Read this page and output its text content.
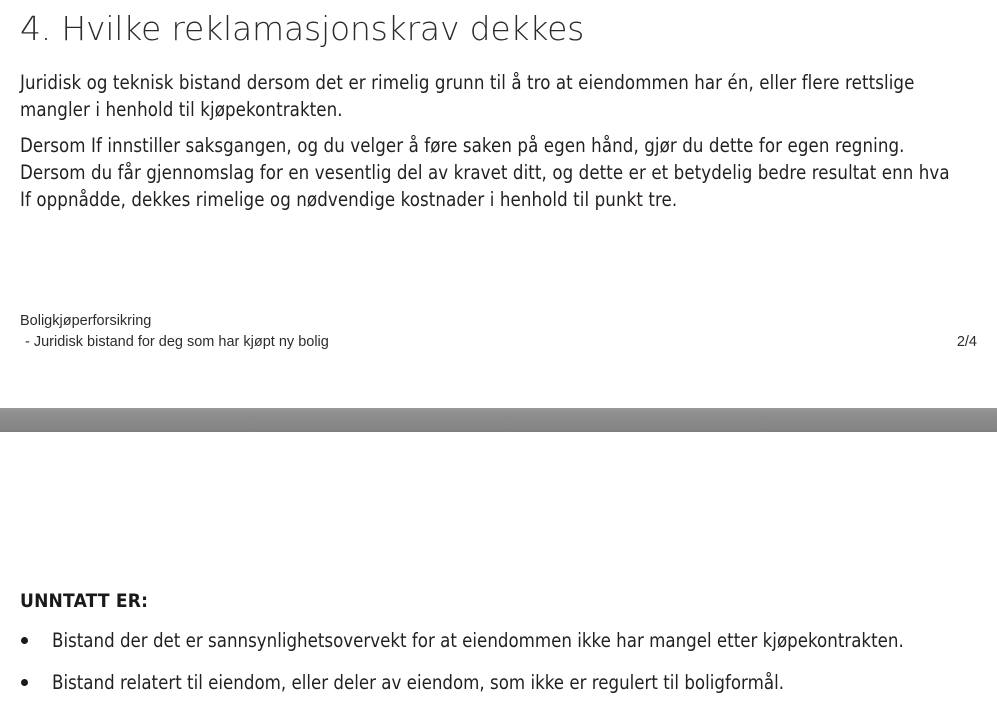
4. Hvilke reklamasjonskrav dekkes
Juridisk og teknisk bistand dersom det er rimelig grunn til å tro at eiendommen har én, eller flere rettslige mangler i henhold til kjøpekontrakten.
Dersom If innstiller saksgangen, og du velger å føre saken på egen hånd, gjør du dette for egen regning. Dersom du får gjennomslag for en vesentlig del av kravet ditt, og dette er et betydelig bedre resultat enn hva If oppnådde, dekkes rimelige og nødvendige kostnader i henhold til punkt tre.
Boligkjøperforsikring
- Juridisk bistand for deg som har kjøpt ny bolig	2/4
UNNTATT ER:
Bistand der det er sannsynlighetsovervekt for at eiendommen ikke har mangel etter kjøpekontrakten.
Bistand relatert til eiendom, eller deler av eiendom, som ikke er regulert til boligformål.
